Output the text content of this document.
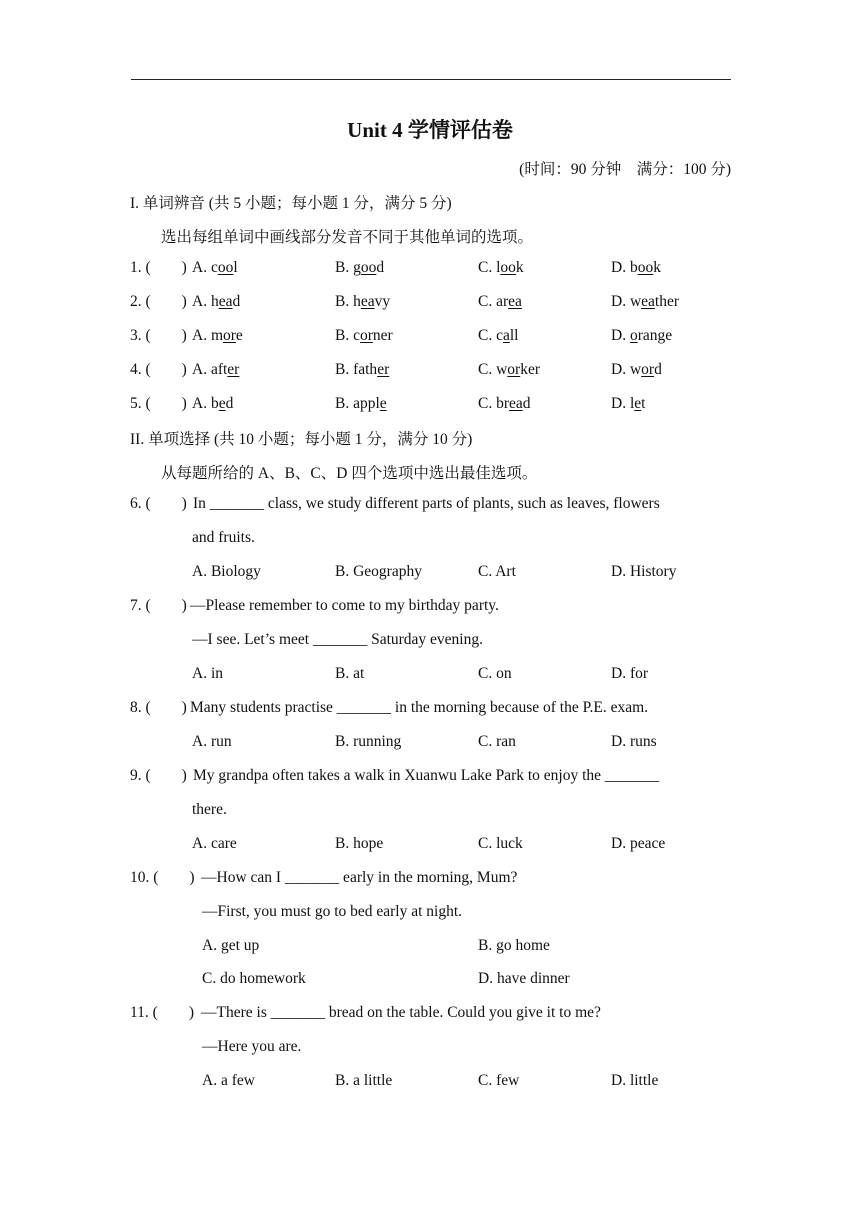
Unit 4 学情评估卷
(时间：90 分钟    满分：100 分)
I. 单词辨音 (共 5 小题；每小题 1 分，满分 5 分)
选出每组单词中画线部分发音不同于其他单词的选项。
1. (        ) A. cool	B. good	C. look	D. book
2. (        ) A. head	B. heavy	C. area	D. weather
3. (        ) A. more	B. corner	C. call	D. orange
4. (        ) A. after	B. father	C. worker	D. word
5. (        ) A. bed	B. apple	C. bread	D. let
II. 单项选择 (共 10 小题；每小题 1 分，满分 10 分)
从每题所给的 A、B、C、D 四个选项中选出最佳选项。
6. (        ) In _______ class, we study different parts of plants, such as leaves, flowers
and fruits.
A. Biology	B. Geography	C. Art	D. History
7. (        ) —Please remember to come to my birthday party.
—I see. Let’s meet _______ Saturday evening.
A. in	B. at	C. on	D. for
8. (        ) Many students practise _______ in the morning because of the P.E. exam.
A. run	B. running	C. ran	D. runs
9. (        ) My grandpa often takes a walk in Xuanwu Lake Park to enjoy the _______
there.
A. care	B. hope	C. luck	D. peace
10. (        ) —How can I _______ early in the morning, Mum?
—First, you must go to bed early at night.
A. get up	B. go home
C. do homework	D. have dinner
11. (        ) —There is _______ bread on the table. Could you give it to me?
—Here you are.
A. a few	B. a little	C. few	D. little
